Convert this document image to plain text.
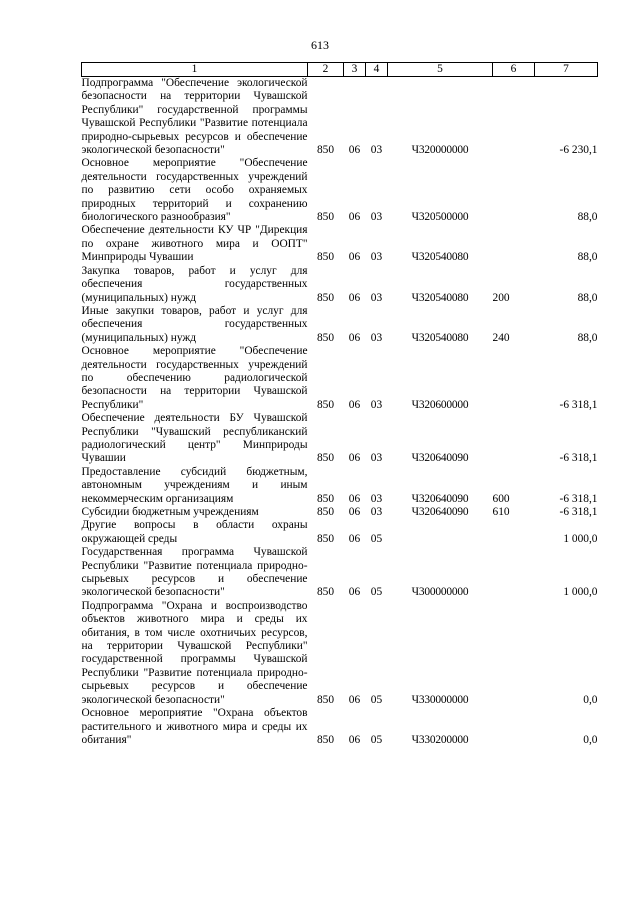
613
1	2	3	4	5	6	7
Подпрограмма "Обеспечение экологической безопасности на территории Чувашской Республики" государственной программы Чувашской Республики "Развитие потенциала природно-сырьевых ресурсов и обеспечение экологической безопасности"	850	06	03	Ч320000000		-6 230,1
Основное мероприятие "Обеспечение деятельности государственных учреждений по развитию сети особо охраняемых природных территорий и сохранению биологического разнообразия"	850	06	03	Ч320500000		88,0
Обеспечение деятельности КУ ЧР "Дирекция по охране животного мира и ООПТ" Минприроды Чувашии	850	06	03	Ч320540080		88,0
Закупка товаров, работ и услуг для обеспечения государственных (муниципальных) нужд	850	06	03	Ч320540080	200	88,0
Иные закупки товаров, работ и услуг для обеспечения государственных (муниципальных) нужд	850	06	03	Ч320540080	240	88,0
Основное мероприятие "Обеспечение деятельности государственных учреждений по обеспечению радиологической безопасности на территории Чувашской Республики"	850	06	03	Ч320600000		-6 318,1
Обеспечение деятельности БУ Чувашской Республики "Чувашский республиканский радиологический центр" Минприроды Чувашии	850	06	03	Ч320640090		-6 318,1
Предоставление субсидий бюджетным, автономным учреждениям и иным некоммерческим организациям	850	06	03	Ч320640090	600	-6 318,1
Субсидии бюджетным учреждениям	850	06	03	Ч320640090	610	-6 318,1
Другие вопросы в области охраны окружающей среды	850	06	05			1 000,0
Государственная программа Чувашской Республики "Развитие потенциала природно-сырьевых ресурсов и обеспечение экологической безопасности"	850	06	05	Ч300000000		1 000,0
Подпрограмма "Охрана и воспроизводство объектов животного мира и среды их обитания, в том числе охотничьих ресурсов, на территории Чувашской Республики" государственной программы Чувашской Республики "Развитие потенциала природно-сырьевых ресурсов и обеспечение экологической безопасности"	850	06	05	Ч330000000		0,0
Основное мероприятие "Охрана объектов растительного и животного мира и среды их обитания"	850	06	05	Ч330200000		0,0
